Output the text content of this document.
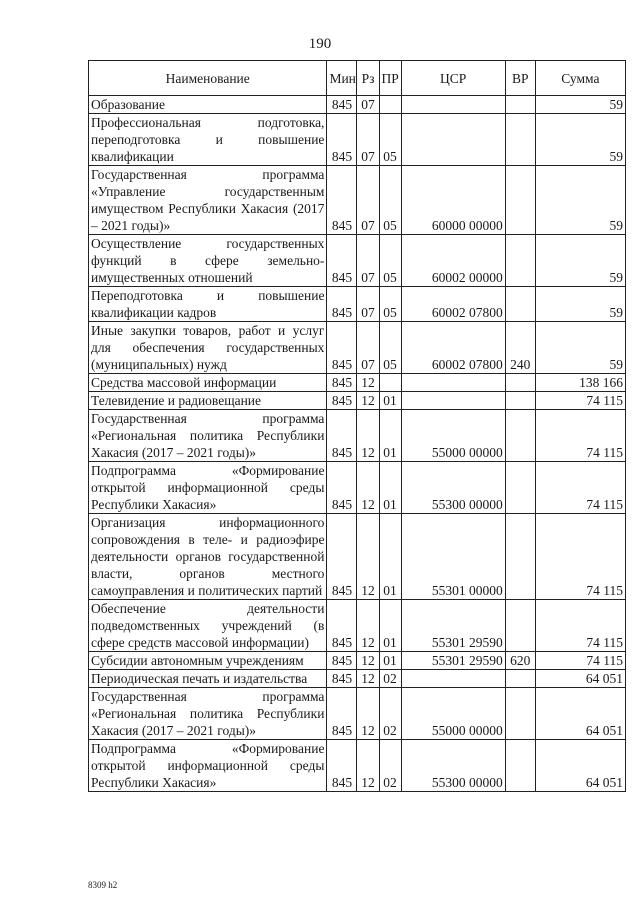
190
Наименование	Мин	Рз	ПР	ЦСР	ВР	Сумма
Образование	845	07				59
Профессиональная подготовка, переподготовка и повышение квалификации	845	07	05			59
Государственная программа «Управление государственным имуществом Республики Хакасия (2017 – 2021 годы)»	845	07	05	60000 00000		59
Осуществление государственных функций в сфере земельно-имущественных отношений	845	07	05	60002 00000		59
Переподготовка и повышение квалификации кадров	845	07	05	60002 07800		59
Иные закупки товаров, работ и услуг для обеспечения государственных (муниципальных) нужд	845	07	05	60002 07800	240	59
Средства массовой информации	845	12				138 166
Телевидение и радиовещание	845	12	01			74 115
Государственная программа «Региональная политика Республики Хакасия (2017 – 2021 годы)»	845	12	01	55000 00000		74 115
Подпрограмма «Формирование открытой информационной среды Республики Хакасия»	845	12	01	55300 00000		74 115
Организация информационного сопровождения в теле- и радиоэфире деятельности органов государственной власти, органов местного самоуправления и политических партий	845	12	01	55301 00000		74 115
Обеспечение деятельности подведомственных учреждений (в сфере средств массовой информации)	845	12	01	55301 29590		74 115
Субсидии автономным учреждениям	845	12	01	55301 29590	620	74 115
Периодическая печать и издательства	845	12	02			64 051
Государственная программа «Региональная политика Республики Хакасия (2017 – 2021 годы)»	845	12	02	55000 00000		64 051
Подпрограмма «Формирование открытой информационной среды Республики Хакасия»	845	12	02	55300 00000		64 051
8309 h2
